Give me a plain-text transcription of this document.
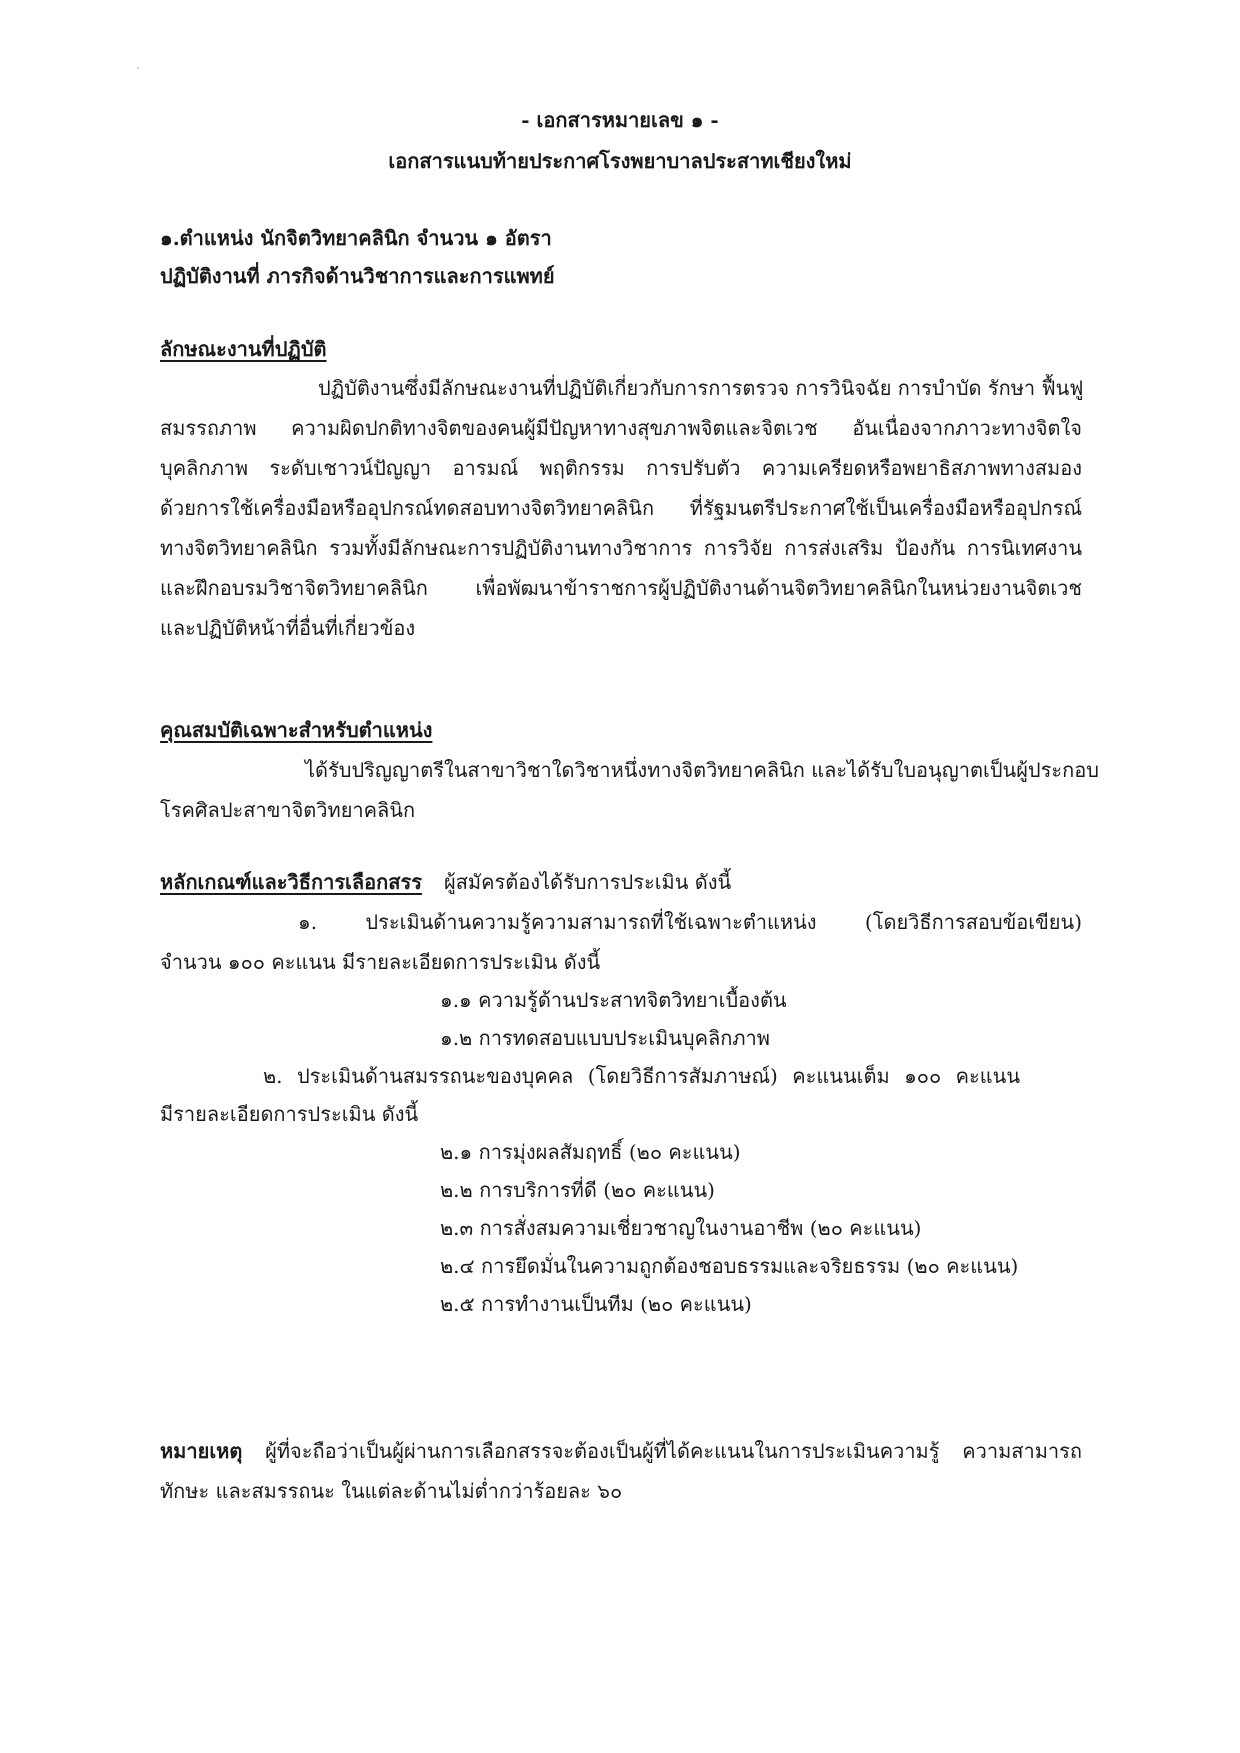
- เอกสารหมายเลข ๑ -
เอกสารแนบท้ายประกาศโรงพยาบาลประสาทเชียงใหม่
๑.ตำแหน่ง นักจิตวิทยาคลินิก จำนวน ๑ อัตรา
ปฏิบัติงานที่ ภารกิจด้านวิชาการและการแพทย์
ลักษณะงานที่ปฏิบัติ
ปฏิบัติงานซึ่งมีลักษณะงานที่ปฏิบัติเกี่ยวกับการการตรวจ การวินิจฉัย การบำบัด รักษา ฟื้นฟู
สมรรถภาพ ความผิดปกติทางจิตของคนผู้มีปัญหาทางสุขภาพจิตและจิตเวช อันเนื่องจากภาวะทางจิตใจ
บุคลิกภาพ ระดับเชาวน์ปัญญา อารมณ์ พฤติกรรม การปรับตัว ความเครียดหรือพยาธิสภาพทางสมอง
ด้วยการใช้เครื่องมือหรืออุปกรณ์ทดสอบทางจิตวิทยาคลินิก ที่รัฐมนตรีประกาศใช้เป็นเครื่องมือหรืออุปกรณ์
ทางจิตวิทยาคลินิก รวมทั้งมีลักษณะการปฏิบัติงานทางวิชาการ การวิจัย การส่งเสริม ป้องกัน การนิเทศงาน
และฝึกอบรมวิชาจิตวิทยาคลินิก เพื่อพัฒนาข้าราชการผู้ปฏิบัติงานด้านจิตวิทยาคลินิกในหน่วยงานจิตเวช
และปฏิบัติหน้าที่อื่นที่เกี่ยวข้อง
คุณสมบัติเฉพาะสำหรับตำแหน่ง
ได้รับปริญญาตรีในสาขาวิชาใดวิชาหนึ่งทางจิตวิทยาคลินิก และได้รับใบอนุญาตเป็นผู้ประกอบ
โรคศิลปะสาขาจิตวิทยาคลินิก
หลักเกณฑ์และวิธีการเลือกสรร ผู้สมัครต้องได้รับการประเมิน ดังนี้
๑. ประเมินด้านความรู้ความสามารถที่ใช้เฉพาะตำแหน่ง (โดยวิธีการสอบข้อเขียน)
จำนวน ๑๐๐ คะแนน มีรายละเอียดการประเมิน ดังนี้
๑.๑ ความรู้ด้านประสาทจิตวิทยาเบื้องต้น
๑.๒ การทดสอบแบบประเมินบุคลิกภาพ
๒. ประเมินด้านสมรรถนะของบุคคล (โดยวิธีการสัมภาษณ์) คะแนนเต็ม ๑๐๐ คะแนน
มีรายละเอียดการประเมิน ดังนี้
๒.๑ การมุ่งผลสัมฤทธิ์ (๒๐ คะแนน)
๒.๒ การบริการที่ดี (๒๐ คะแนน)
๒.๓ การสั่งสมความเชี่ยวชาญในงานอาชีพ (๒๐ คะแนน)
๒.๔ การยึดมั่นในความถูกต้องชอบธรรมและจริยธรรม (๒๐ คะแนน)
๒.๕ การทำงานเป็นทีม (๒๐ คะแนน)
หมายเหตุ ผู้ที่จะถือว่าเป็นผู้ผ่านการเลือกสรรจะต้องเป็นผู้ที่ได้คะแนนในการประเมินความรู้ ความสามารถ
ทักษะ และสมรรถนะ ในแต่ละด้านไม่ต่ำกว่าร้อยละ ๖๐
